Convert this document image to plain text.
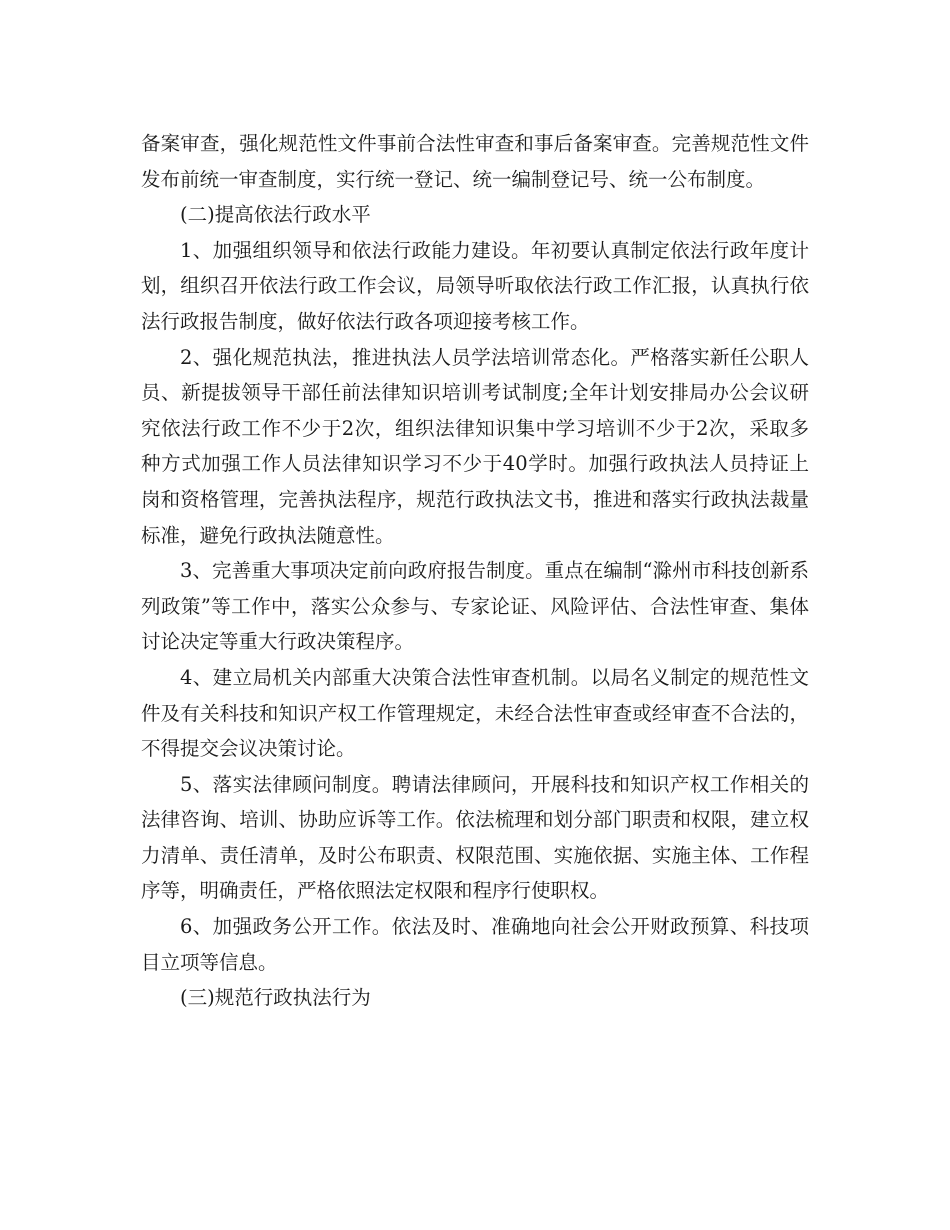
备案审查，强化规范性文件事前合法性审查和事后备案审查。完善规范性文件发布前统一审查制度，实行统一登记、统一编制登记号、统一公布制度。

(二)提高依法行政水平

1、加强组织领导和依法行政能力建设。年初要认真制定依法行政年度计划，组织召开依法行政工作会议，局领导听取依法行政工作汇报，认真执行依法行政报告制度，做好依法行政各项迎接考核工作。

2、强化规范执法，推进执法人员学法培训常态化。严格落实新任公职人员、新提拔领导干部任前法律知识培训考试制度;全年计划安排局办公会议研究依法行政工作不少于2次，组织法律知识集中学习培训不少于2次，采取多种方式加强工作人员法律知识学习不少于40学时。加强行政执法人员持证上岗和资格管理，完善执法程序，规范行政执法文书，推进和落实行政执法裁量标准，避免行政执法随意性。

3、完善重大事项决定前向政府报告制度。重点在编制“滁州市科技创新系列政策”等工作中，落实公众参与、专家论证、风险评估、合法性审查、集体讨论决定等重大行政决策程序。

4、建立局机关内部重大决策合法性审查机制。以局名义制定的规范性文件及有关科技和知识产权工作管理规定，未经合法性审查或经审查不合法的，不得提交会议决策讨论。

5、落实法律顾问制度。聘请法律顾问，开展科技和知识产权工作相关的法律咨询、培训、协助应诉等工作。依法梳理和划分部门职责和权限，建立权力清单、责任清单，及时公布职责、权限范围、实施依据、实施主体、工作程序等，明确责任，严格依照法定权限和程序行使职权。

6、加强政务公开工作。依法及时、准确地向社会公开财政预算、科技项目立项等信息。

(三)规范行政执法行为
